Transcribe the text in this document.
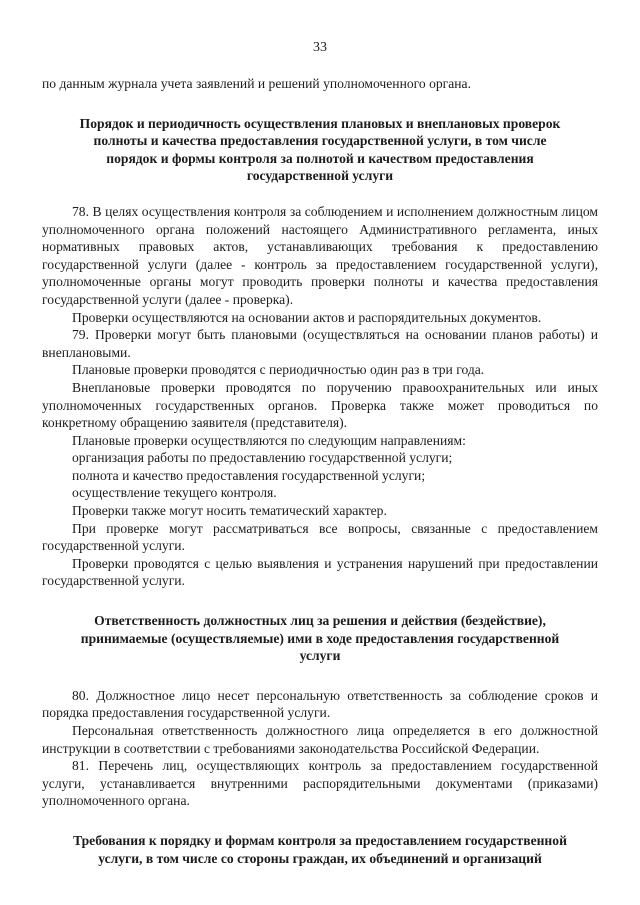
33

по данным журнала учета заявлений и решений уполномоченного органа.

Порядок и периодичность осуществления плановых и внеплановых проверок полноты и качества предоставления государственной услуги, в том числе порядок и формы контроля за полнотой и качеством предоставления государственной услуги

78. В целях осуществления контроля за соблюдением и исполнением должностным лицом уполномоченного органа положений настоящего Административного регламента, иных нормативных правовых актов, устанавливающих требования к предоставлению государственной услуги (далее - контроль за предоставлением государственной услуги), уполномоченные органы могут проводить проверки полноты и качества предоставления государственной услуги (далее - проверка).

Проверки осуществляются на основании актов и распорядительных документов.

79. Проверки могут быть плановыми (осуществляться на основании планов работы) и внеплановыми.

Плановые проверки проводятся с периодичностью один раз в три года.

Внеплановые проверки проводятся по поручению правоохранительных или иных уполномоченных государственных органов. Проверка также может проводиться по конкретному обращению заявителя (представителя).

Плановые проверки осуществляются по следующим направлениям:

организация работы по предоставлению государственной услуги;

полнота и качество предоставления государственной услуги;

осуществление текущего контроля.

Проверки также могут носить тематический характер.

При проверке могут рассматриваться все вопросы, связанные с предоставлением государственной услуги.

Проверки проводятся с целью выявления и устранения нарушений при предоставлении государственной услуги.

Ответственность должностных лиц за решения и действия (бездействие), принимаемые (осуществляемые) ими в ходе предоставления государственной услуги

80. Должностное лицо несет персональную ответственность за соблюдение сроков и порядка предоставления государственной услуги.

Персональная ответственность должностного лица определяется в его должностной инструкции в соответствии с требованиями законодательства Российской Федерации.

81. Перечень лиц, осуществляющих контроль за предоставлением государственной услуги, устанавливается внутренними распорядительными документами (приказами) уполномоченного органа.

Требования к порядку и формам контроля за предоставлением государственной услуги, в том числе со стороны граждан, их объединений и организаций
